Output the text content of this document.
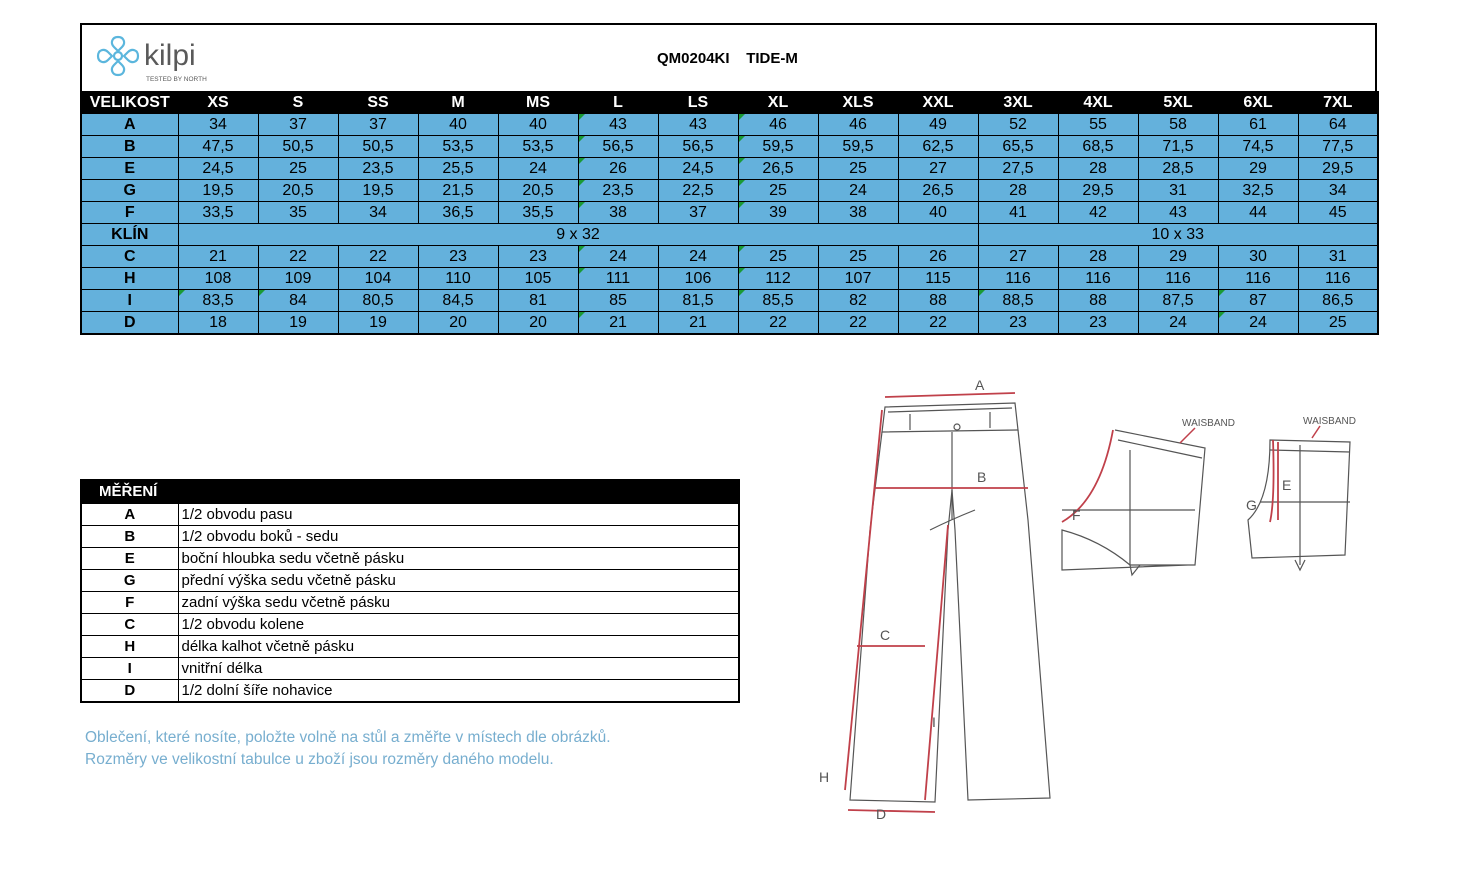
kilpi
TESTED BY NORTH
QM0204KI    TIDE-M
VELIKOST	XS	S	SS	M	MS	L	LS	XL	XLS	XXL	3XL	4XL	5XL	6XL	7XL
A	34	37	37	40	40	43	43	46	46	49	52	55	58	61	64
B	47,5	50,5	50,5	53,5	53,5	56,5	56,5	59,5	59,5	62,5	65,5	68,5	71,5	74,5	77,5
E	24,5	25	23,5	25,5	24	26	24,5	26,5	25	27	27,5	28	28,5	29	29,5
G	19,5	20,5	19,5	21,5	20,5	23,5	22,5	25	24	26,5	28	29,5	31	32,5	34
F	33,5	35	34	36,5	35,5	38	37	39	38	40	41	42	43	44	45
KLÍN	9 x 32										10 x 33				
C	21	22	22	23	23	24	24	25	25	26	27	28	29	30	31
H	108	109	104	110	105	111	106	112	107	115	116	116	116	116	116
I	83,5	84	80,5	84,5	81	85	81,5	85,5	82	88	88,5	88	87,5	87	86,5
D	18	19	19	20	20	21	21	22	22	22	23	23	24	24	25
MĚŘENÍ	
A	1/2 obvodu pasu
B	1/2 obvodu boků - sedu
E	boční hloubka sedu včetně pásku
G	přední výška sedu včetně pásku
F	zadní výška sedu včetně pásku
C	1/2 obvodu kolene
H	délka kalhot včetně pásku
I	vnitřní délka
D	1/2 dolní šíře nohavice
Oblečení, které nosíte, položte volně na stůl a změřte v místech dle obrázků.
Rozměry ve velikostní tabulce u zboží jsou rozměry daného modelu.
A
B
C
D
H
I
F
WAISBAND
G
E
WAISBAND
